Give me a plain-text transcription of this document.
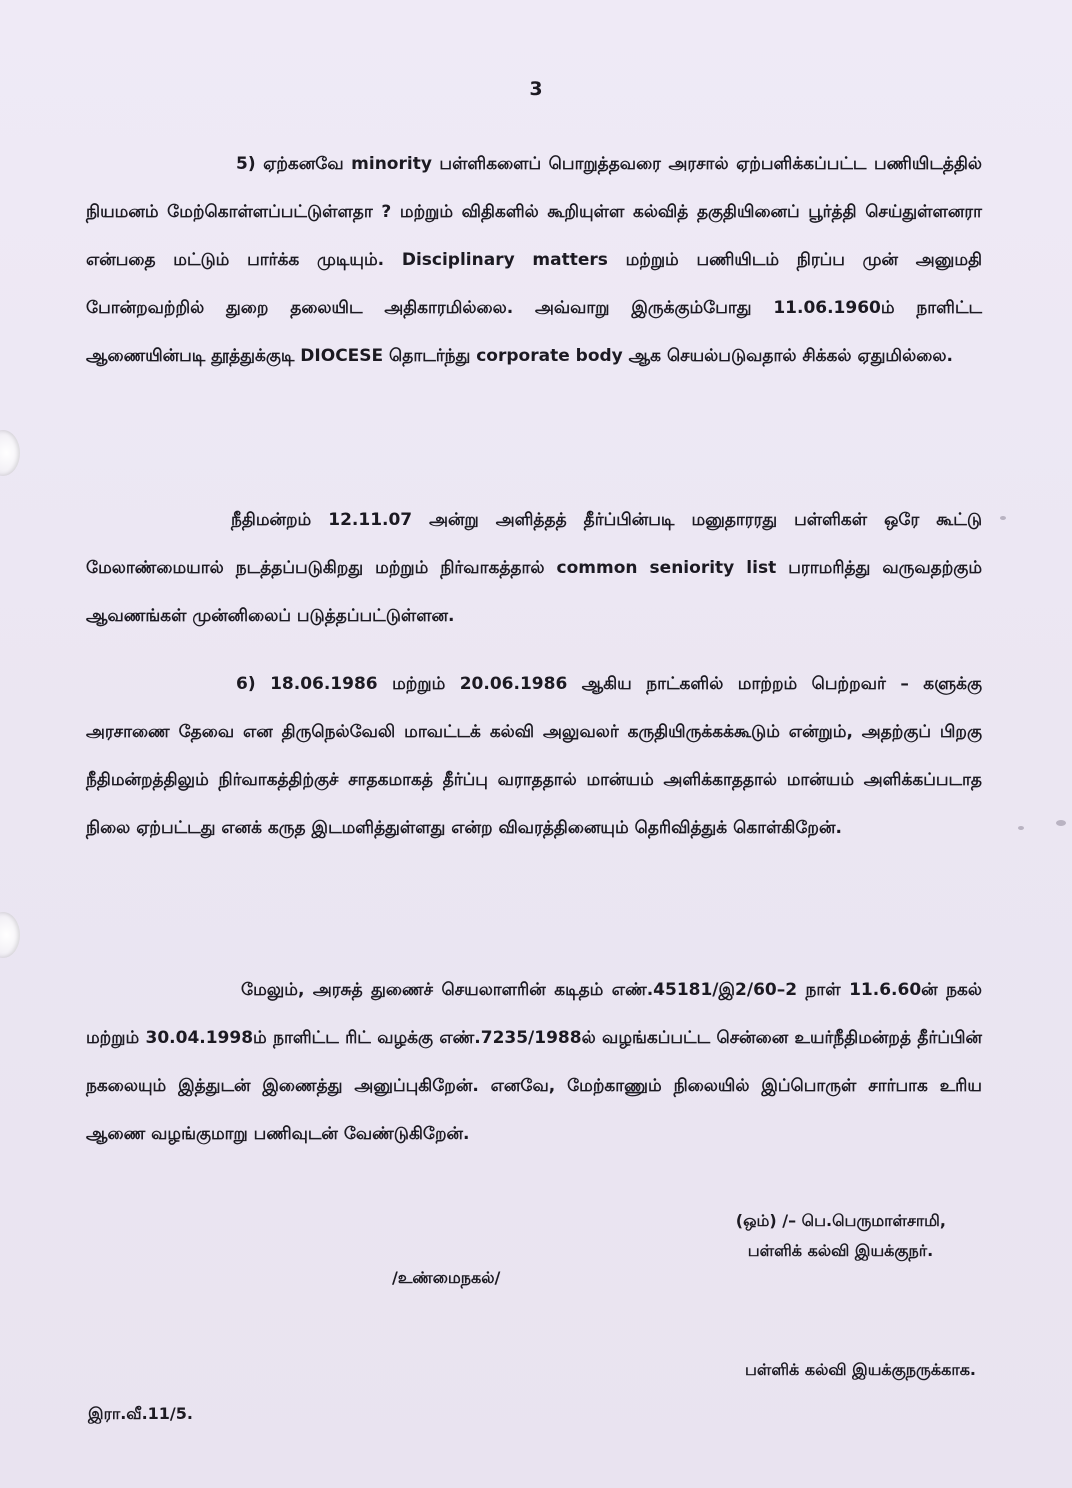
3
5) ஏற்கனவே minority பள்ளிகளைப் பொறுத்தவரை அரசால் ஏற்பளிக்கப்பட்ட பணியிடத்தில் நியமனம் மேற்கொள்ளப்பட்டுள்ளதா ? மற்றும் விதிகளில் கூறியுள்ள கல்வித் தகுதியினைப் பூர்த்தி செய்துள்ளனரா என்பதை மட்டும் பார்க்க முடியும். Disciplinary matters மற்றும் பணியிடம் நிரப்ப முன் அனுமதி போன்றவற்றில் துறை தலையிட அதிகாரமில்லை. அவ்வாறு இருக்கும்போது 11.06.1960ம் நாளிட்ட ஆணையின்படி தூத்துக்குடி DIOCESE தொடர்ந்து corporate body ஆக செயல்படுவதால் சிக்கல் ஏதுமில்லை.
நீதிமன்றம் 12.11.07 அன்று அளித்தத் தீர்ப்பின்படி மனுதாரரது பள்ளிகள் ஒரே கூட்டு மேலாண்மையால் நடத்தப்படுகிறது மற்றும் நிர்வாகத்தால் common seniority list பராமரித்து வருவதற்கும் ஆவணங்கள் முன்னிலைப் படுத்தப்பட்டுள்ளன.
6) 18.06.1986 மற்றும் 20.06.1986 ஆகிய நாட்களில் மாற்றம் பெற்றவர் – களுக்கு அரசாணை தேவை என திருநெல்வேலி மாவட்டக் கல்வி அலுவலர் கருதியிருக்கக்கூடும் என்றும், அதற்குப் பிறகு நீதிமன்றத்திலும் நிர்வாகத்திற்குச் சாதகமாகத் தீர்ப்பு வராததால் மான்யம் அளிக்காததால் மான்யம் அளிக்கப்படாத நிலை ஏற்பட்டது எனக் கருத இடமளித்துள்ளது என்ற விவரத்தினையும் தெரிவித்துக் கொள்கிறேன்.
மேலும், அரசுத் துணைச் செயலாளரின் கடிதம் எண்.45181/இ2/60–2 நாள் 11.6.60ன் நகல் மற்றும் 30.04.1998ம் நாளிட்ட ரிட் வழக்கு எண்.7235/1988ல் வழங்கப்பட்ட சென்னை உயர்நீதிமன்றத் தீர்ப்பின் நகலையும் இத்துடன் இணைத்து அனுப்புகிறேன். எனவே, மேற்காணும் நிலையில் இப்பொருள் சார்பாக உரிய ஆணை வழங்குமாறு பணிவுடன் வேண்டுகிறேன்.
(ஒம்) /– பெ.பெருமாள்சாமி,
பள்ளிக் கல்வி இயக்குநர்.
/உண்மைநகல்/
பள்ளிக் கல்வி இயக்குநருக்காக.
இரா.வீ.11/5.
